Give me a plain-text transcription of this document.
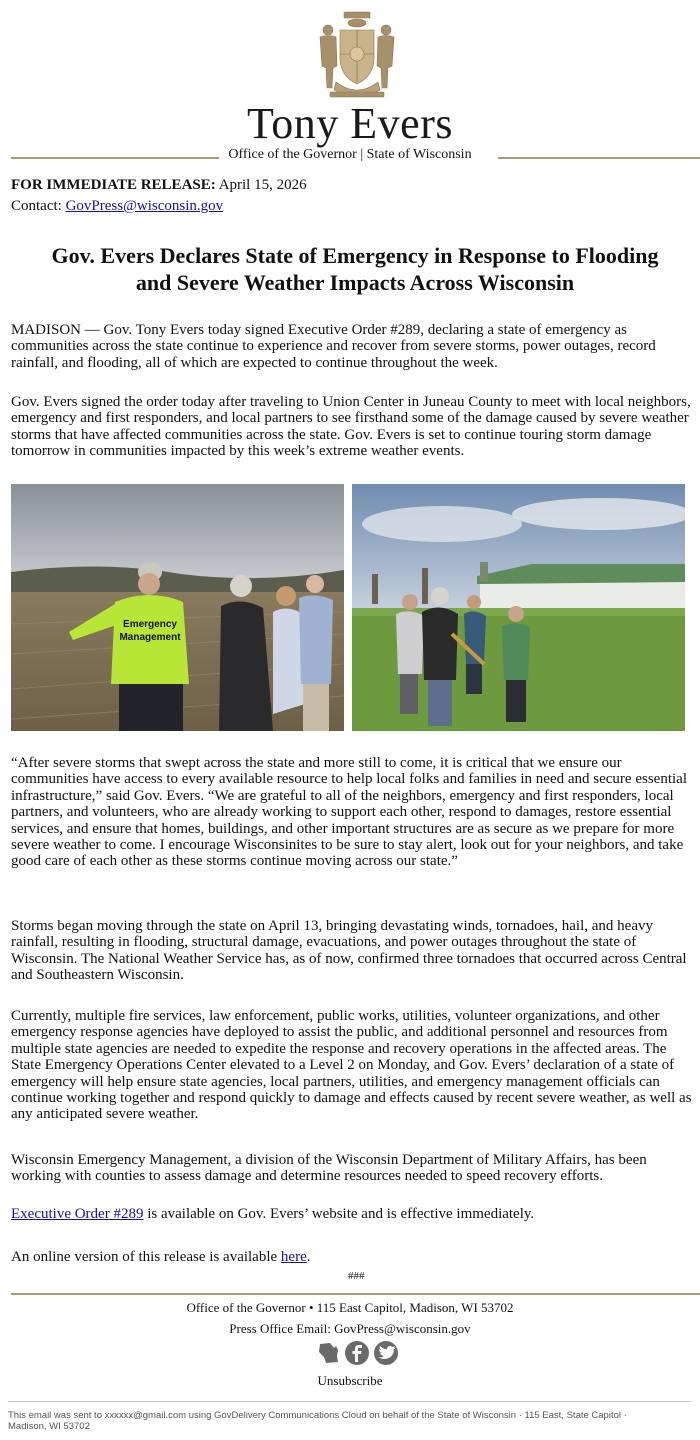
Tony Evers
Office of the Governor | State of Wisconsin
FOR IMMEDIATE RELEASE: April 15, 2026
Contact: GovPress@wisconsin.gov
Gov. Evers Declares State of Emergency in Response to Flooding
and Severe Weather Impacts Across Wisconsin
MADISON — Gov. Tony Evers today signed Executive Order #289, declaring a state of emergency as communities across the state continue to experience and recover from severe storms, power outages, record rainfall, and flooding, all of which are expected to continue throughout the week.
Gov. Evers signed the order today after traveling to Union Center in Juneau County to meet with local neighbors, emergency and first responders, and local partners to see firsthand some of the damage caused by severe weather storms that have affected communities across the state. Gov. Evers is set to continue touring storm damage tomorrow in communities impacted by this week’s extreme weather events.
Emergency
Management
“After severe storms that swept across the state and more still to come, it is critical that we ensure our communities have access to every available resource to help local folks and families in need and secure essential infrastructure,” said Gov. Evers. “We are grateful to all of the neighbors, emergency and first responders, local partners, and volunteers, who are already working to support each other, respond to damages, restore essential services, and ensure that homes, buildings, and other important structures are as secure as we prepare for more severe weather to come. I encourage Wisconsinites to be sure to stay alert, look out for your neighbors, and take good care of each other as these storms continue moving across our state.”
Storms began moving through the state on April 13, bringing devastating winds, tornadoes, hail, and heavy rainfall, resulting in flooding, structural damage, evacuations, and power outages throughout the state of Wisconsin. The National Weather Service has, as of now, confirmed three tornadoes that occurred across Central and Southeastern Wisconsin.
Currently, multiple fire services, law enforcement, public works, utilities, volunteer organizations, and other emergency response agencies have deployed to assist the public, and additional personnel and resources from multiple state agencies are needed to expedite the response and recovery operations in the affected areas. The State Emergency Operations Center elevated to a Level 2 on Monday, and Gov. Evers’ declaration of a state of emergency will help ensure state agencies, local partners, utilities, and emergency management officials can continue working together and respond quickly to damage and effects caused by recent severe weather, as well as any anticipated severe weather.
Wisconsin Emergency Management, a division of the Wisconsin Department of Military Affairs, has been working with counties to assess damage and determine resources needed to speed recovery efforts.
Executive Order #289 is available on Gov. Evers’ website and is effective immediately.
An online version of this release is available here.
###
Office of the Governor • 115 East Capitol, Madison, WI 53702
Press Office Email: GovPress@wisconsin.gov
Unsubscribe
This email was sent to xxxxxx@gmail.com using GovDelivery Communications Cloud on behalf of the State of Wisconsin · 115 East, State Capitol · Madison, WI 53702
